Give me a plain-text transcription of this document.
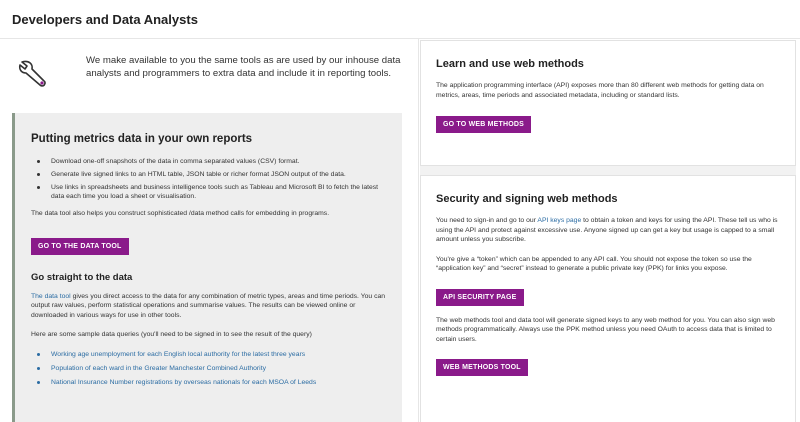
Developers and Data Analysts
We make available to you the same tools as are used by our inhouse data analysts and programmers to extra data and include it in reporting tools.
Putting metrics data in your own reports
Download one-off snapshots of the data in comma separated values (CSV) format.
Generate live signed links to an HTML table, JSON table or richer format JSON output of the data.
Use links in spreadsheets and business intelligence tools such as Tableau and Microsoft BI to fetch the latest data each time you load a sheet or visualisation.
The data tool also helps you construct sophisticated /data method calls for embedding in programs.
GO TO THE DATA TOOL
Go straight to the data
The data tool gives you direct access to the data for any combination of metric types, areas and time periods. You can output raw values, perform statistical operations and summarise values. The results can be viewed online or downloaded in various ways for use in other tools.
Here are some sample data queries (you'll need to be signed in to see the result of the query)
Working age unemployment for each English local authority for the latest three years
Population of each ward in the Greater Manchester Combined Authority
National Insurance Number registrations by overseas nationals for each MSOA of Leeds
Learn and use web methods
The application programming interface (API) exposes more than 80 different web methods for getting data on metrics, areas, time periods and associated metadata, including or standard lists.
GO TO WEB METHODS
Security and signing web methods
You need to sign-in and go to our API keys page to obtain a token and keys for using the API. These tell us who is using the API and protect against excessive use. Anyone signed up can get a key but usage is capped to a small amount unless you subscribe.
You're give a “token” which can be appended to any API call. You should not expose the token so use the “application key” and “secret” instead to generate a public private key (PPK) for links you expose.
API SECURITY PAGE
The web methods tool and data tool will generate signed keys to any web method for you. You can also sign web methods programmatically. Always use the PPK method unless you need OAuth to access data that is limited to certain users.
WEB METHODS TOOL
